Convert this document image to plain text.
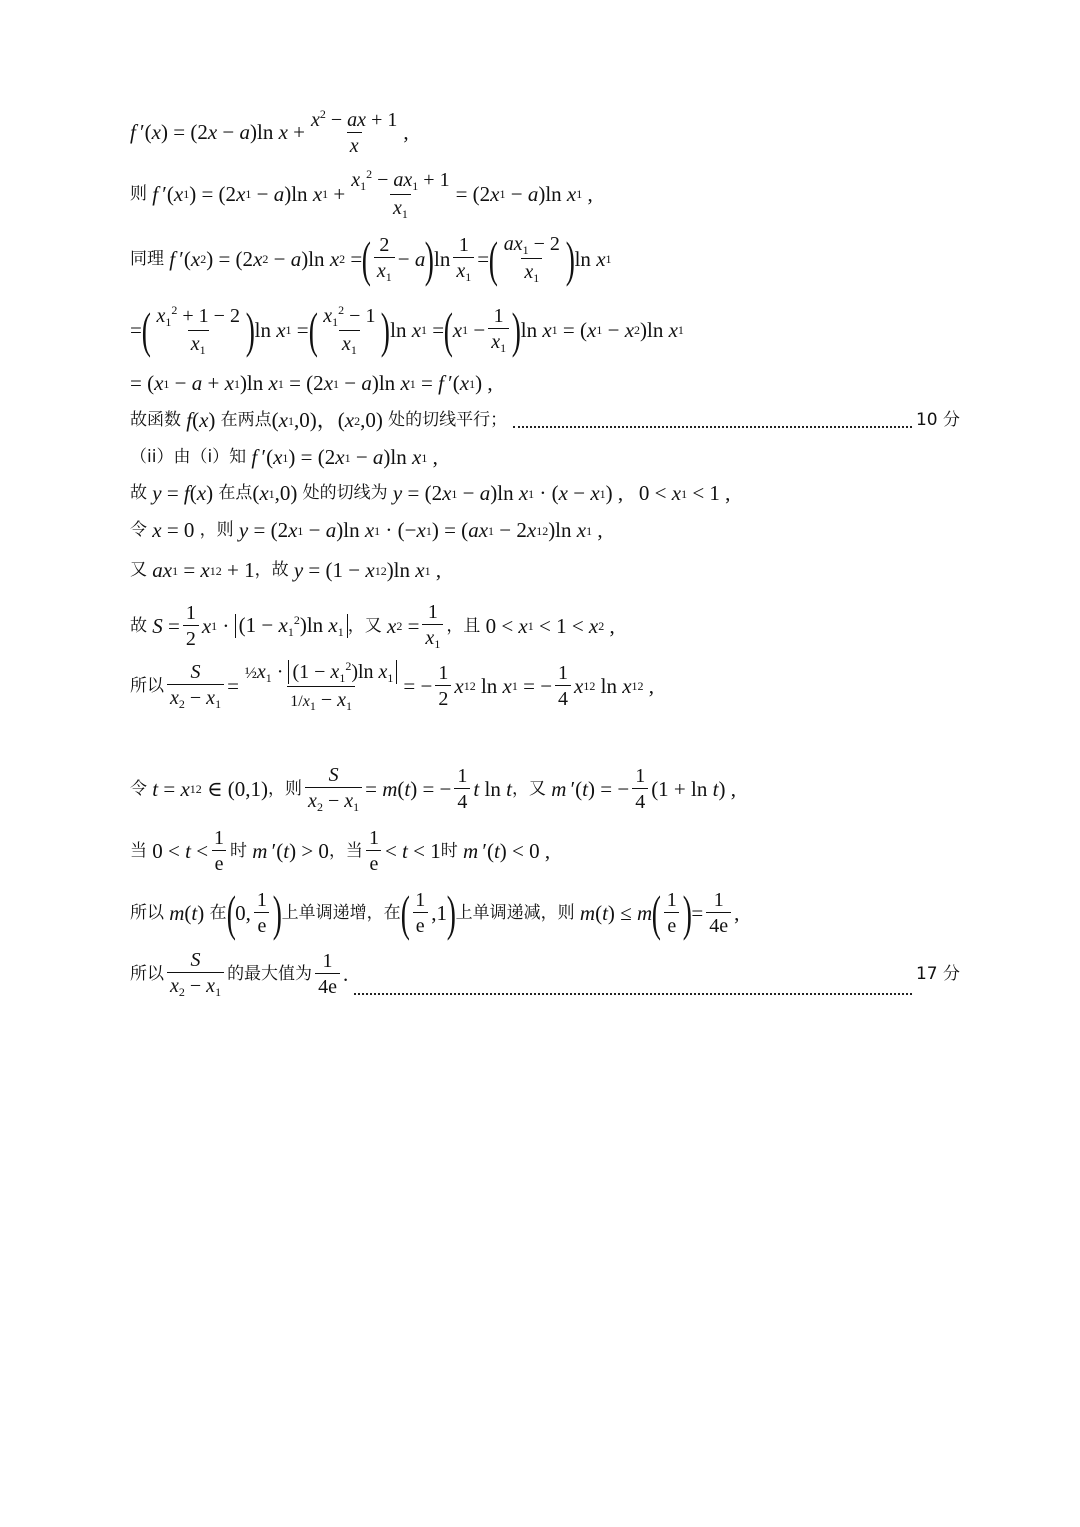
f  ′ ( x ) = (2 x − a )ln $x + \frac{x^2 - ax + 1}{x}$ ,
则
f  ′( x 1 ) = (2 x 1 − a )ln x $1 + \frac{x_1^2 - ax_1 + 1}{x_1} = (2$ x 1 − a )ln x 1 ,
同理
f  ′( x 2 ) = (2 x 2 − a )ln x 2 = ( $\frac{2}{x_1} - a$ ) $\ln \frac{1}{x_1}$ = ( $\frac{ax_1 - 2}{x_1}$ ) ln x 1
= ( $\frac{x_1^2 + 1 - 2}{x_1}$ ) ln x 1 = ( $\frac{x_1^2 - 1}{x_1}$ ) ln x 1 = ( x $1 - \frac{1}{x_1}$ ) ln x 1 = ( x 1 − x 2 )ln x 1
= ( x 1 − a + x 1 )ln x 1 = (2 x 1 − a )ln x 1 = f  ′( x 1 ) ,
故函数
f ( x ) 在两点 ( x 1 ,0)，( x 2 ,0) 处的切线平行；	10 分
（ii）由（i）知
f  ′( x 1 ) = (2 x 1 − a )ln x 1 ,
故
y = f ( x ) 在点 ( x 1 ,0) 处的切线为
y = (2 x 1 − a )ln x 1 · ( x − x 1 ) ,   0 < x 1 < 1 ,
令
x = 0 ，则
y = (2 x 1 − a )ln x 1 · (− x 1 ) = ( ax 1 − 2 x 1 2 )ln x 1 ,
又
ax 1 = x 1 2 + 1 ，故
y = (1 − x 1 2 )ln x 1 ,
故
$S = \frac{1}{2}$ x $1 \cdot (1 - x_1^2)\ln$ $x_1$ ，又
x $2 = \frac{1}{x_1}$ ，且 0 < x 1 < 1 < x 2 ,
所以 $\frac{S}{x_2 - x_1} = \frac{\frac{1}{2}x_1 \cdot (1 - x_1^2)\ln x_1}{1/x_1 - x_1}$ = − $\frac{1}{2}$ x 1 2 ln x 1 = − $\frac{1}{4}$ x 1 2 ln x 1 2 ,
令
t = x 1 2 ∈ (0,1) ，则 $\frac{S}{x_2 - x_1} = m$ ( t ) = − $\frac{1}{4}$ t ln t ，又
m  ′( t ) = − $\frac{1}{4} (1 + \ln t$ ) ,
当 $0 < t < \frac{1}{e}$ 时
m  ′( t ) > 0 ，当 $\frac{1}{e} < t < 1$ 时
m  ′( t ) < 0 ,
所以
m ( t ) 在 ( 0, $\frac{1}{e}$ ) 上单调递增，在 ( $\frac{1}{e} ,1$ ) 上单调递减，则
m ( t ) ≤ m ( $\frac{1}{e}$ ) = $\frac{1}{4e}$ ,
所以 $\frac{S}{x_2 - x_1}$ 的最大值为 $\frac{1}{4e}$ .	17 分
